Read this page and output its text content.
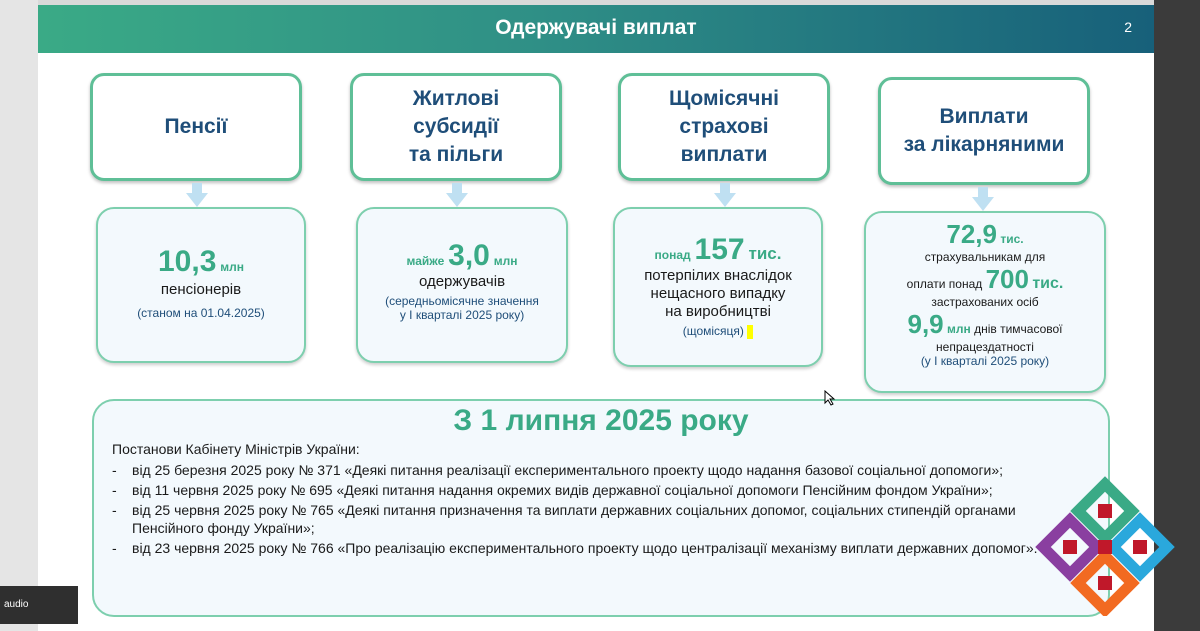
Одержувачі виплат	2
Пенсії
Житлові
субсидії
та пільги
Щомісячні
страхові
виплати
Виплати
за лікарняними
10,3 млн
пенсіонерів
(станом на 01.04.2025)
майже 3,0 млн
одержувачів
(середньомісячне значення
у І кварталі 2025 року)
понад 157 тис.
потерпілих внаслідок
нещасного випадку
на виробництві
(щомісяця)
72,9 тис.
страхувальникам для
оплати понад 700 тис.
застрахованих осіб
9,9 млн днів тимчасової
непрацездатності
(у І кварталі 2025 року)
З 1 липня 2025 року
Постанови Кабінету Міністрів України:
- від 25 березня 2025 року № 371 «Деякі питання реалізації експериментального проекту щодо надання базової соціальної допомоги»;
- від 11 червня 2025 року № 695 «Деякі питання надання окремих видів державної соціальної допомоги Пенсійним фондом України»;
- від 25 червня 2025 року № 765 «Деякі питання призначення та виплати державних соціальних допомог, соціальних стипендій органами Пенсійного фонду України»;
- від 23 червня 2025 року № 766 «Про реалізацію експериментального проекту щодо централізації механізму виплати державних допомог».
audio
